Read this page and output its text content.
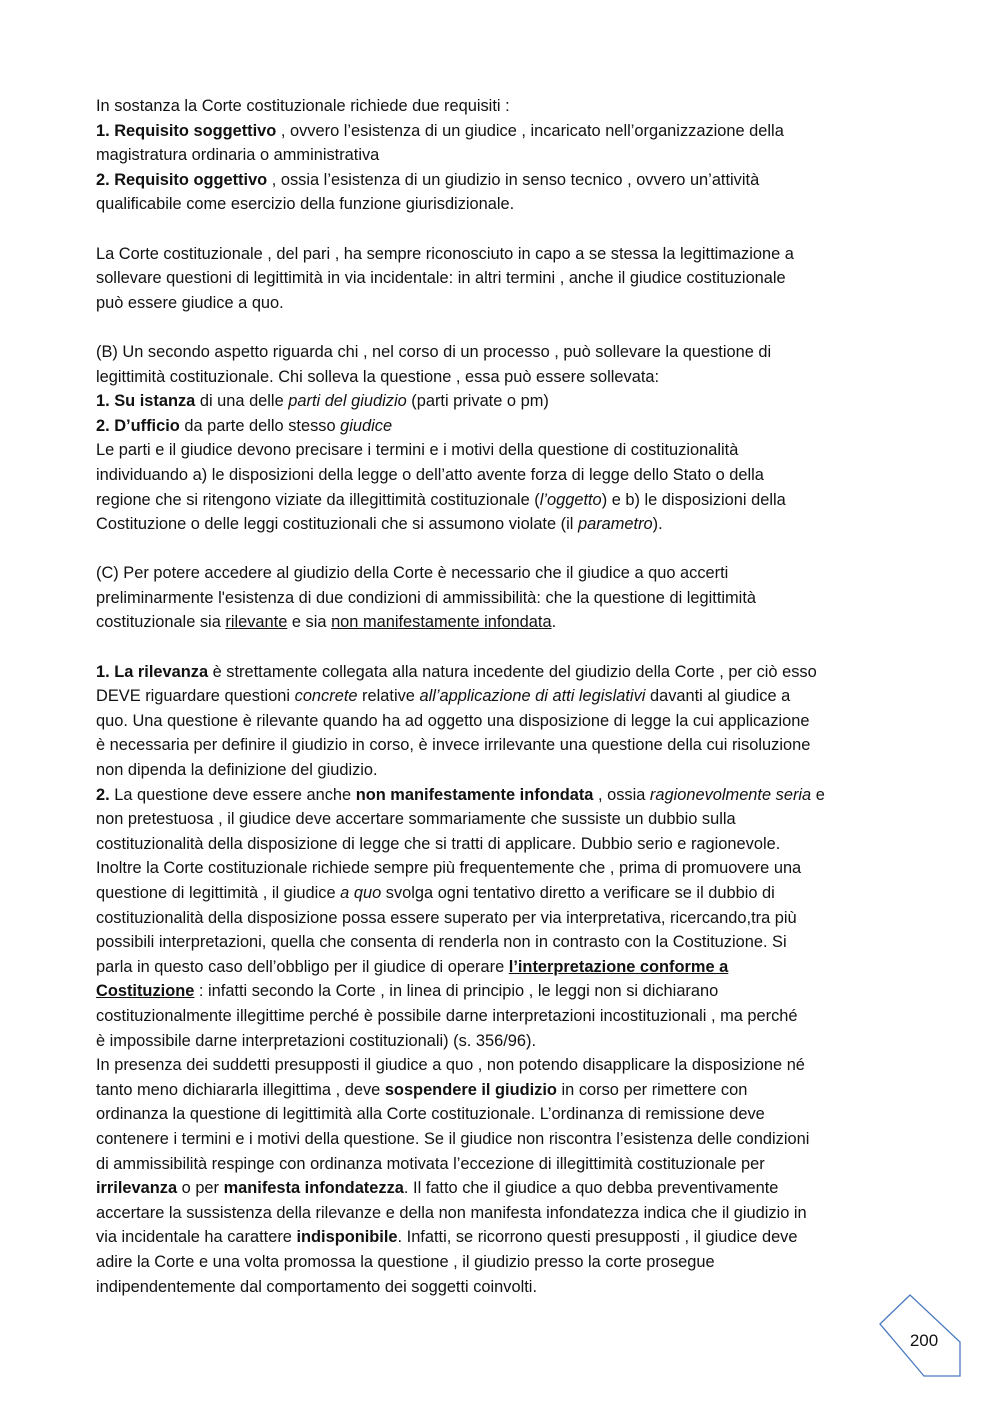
In sostanza la Corte costituzionale richiede due requisiti :
1. Requisito soggettivo , ovvero l’esistenza di un giudice , incaricato nell’organizzazione della
magistratura ordinaria o amministrativa
2. Requisito oggettivo , ossia l’esistenza di un giudizio in senso tecnico , ovvero un’attività
qualificabile come esercizio della funzione giurisdizionale.
La Corte costituzionale , del pari , ha sempre riconosciuto in capo a se stessa la legittimazione a
sollevare questioni di legittimità in via incidentale: in altri termini , anche il giudice costituzionale
può essere giudice a quo.
(B) Un secondo aspetto riguarda chi , nel corso di un processo , può sollevare la questione di
legittimità costituzionale. Chi solleva la questione , essa può essere sollevata:
1. Su istanza di una delle parti del giudizio (parti private o pm)
2. D’ufficio da parte dello stesso giudice
Le parti e il giudice devono precisare i termini e i motivi della questione di costituzionalità
individuando a) le disposizioni della legge o dell’atto avente forza di legge dello Stato o della
regione che si ritengono viziate da illegittimità costituzionale (l’oggetto) e b) le disposizioni della
Costituzione o delle leggi costituzionali che si assumono violate (il parametro).
(C) Per potere accedere al giudizio della Corte è necessario che il giudice a quo accerti
preliminarmente l'esistenza di due condizioni di ammissibilità: che la questione di legittimità
costituzionale sia rilevante e sia non manifestamente infondata.
1. La rilevanza è strettamente collegata alla natura incedente del giudizio della Corte , per ciò esso
DEVE riguardare questioni concrete relative all’applicazione di atti legislativi davanti al giudice a
quo. Una questione è rilevante quando ha ad oggetto una disposizione di legge la cui applicazione
è necessaria per definire il giudizio in corso, è invece irrilevante una questione della cui risoluzione
non dipenda la definizione del giudizio.
2. La questione deve essere anche non manifestamente infondata , ossia ragionevolmente seria e
non pretestuosa , il giudice deve accertare sommariamente che sussiste un dubbio sulla
costituzionalità della disposizione di legge che si tratti di applicare. Dubbio serio e ragionevole.
Inoltre la Corte costituzionale richiede sempre più frequentemente che , prima di promuovere una
questione di legittimità , il giudice a quo svolga ogni tentativo diretto a verificare se il dubbio di
costituzionalità della disposizione possa essere superato per via interpretativa, ricercando,tra più
possibili interpretazioni, quella che consenta di renderla non in contrasto con la Costituzione. Si
parla in questo caso dell’obbligo per il giudice di operare l’interpretazione conforme a
Costituzione : infatti secondo la Corte , in linea di principio , le leggi non si dichiarano
costituzionalmente illegittime perché è possibile darne interpretazioni incostituzionali , ma perché
è impossibile darne interpretazioni costituzionali) (s. 356/96).
In presenza dei suddetti presupposti il giudice a quo , non potendo disapplicare la disposizione né
tanto meno dichiararla illegittima , deve sospendere il giudizio in corso per rimettere con
ordinanza la questione di legittimità alla Corte costituzionale. L’ordinanza di remissione deve
contenere i termini e i motivi della questione. Se il giudice non riscontra l’esistenza delle condizioni
di ammissibilità respinge con ordinanza motivata l’eccezione di illegittimità costituzionale per
irrilevanza o per manifesta infondatezza. Il fatto che il giudice a quo debba preventivamente
accertare la sussistenza della rilevanze e della non manifesta infondatezza indica che il giudizio in
via incidentale ha carattere indisponibile. Infatti, se ricorrono questi presupposti , il giudice deve
adire la Corte e una volta promossa la questione , il giudizio presso la corte prosegue
indipendentemente dal comportamento dei soggetti coinvolti.
200
